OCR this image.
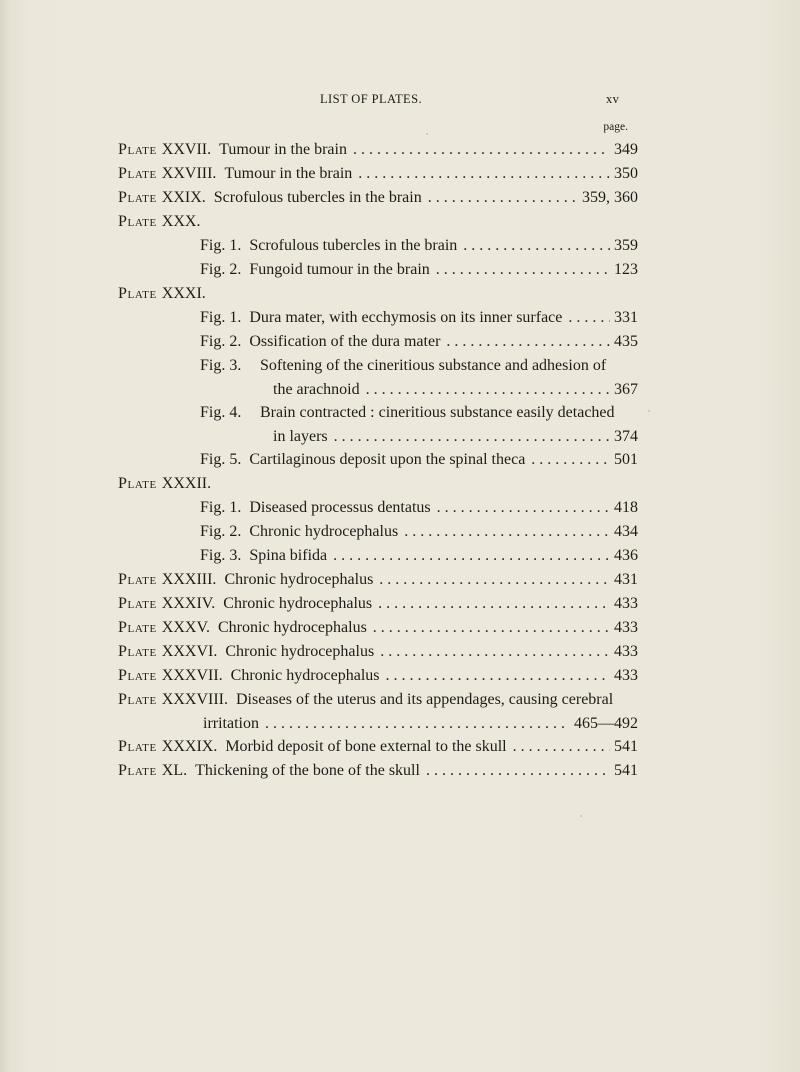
LIST OF PLATES.	xv
page.
Plate XXVII. Tumour in the brain . . .	349
Plate XXVIII. Tumour in the brain . . .	350
Plate XXIX. Scrofulous tubercles in the brain . . .	359, 360
Plate XXX.
Fig. 1. Scrofulous tubercles in the brain . . .	359
Fig. 2. Fungoid tumour in the brain . . .	123
Plate XXXI.
Fig. 1. Dura mater, with ecchymosis on its inner surface . . .	331
Fig. 2. Ossification of the dura mater . . .	435
Fig. 3.	Softening of the cineritious substance and adhesion of
the arachnoid . . .	367
Fig. 4.	Brain contracted : cineritious substance easily detached
in layers . . .	374
Fig. 5. Cartilaginous deposit upon the spinal theca . . .	501
Plate XXXII.
Fig. 1. Diseased processus dentatus . . .	418
Fig. 2. Chronic hydrocephalus . . .	434
Fig. 3. Spina bifida . . .	436
Plate XXXIII. Chronic hydrocephalus . . .	431
Plate XXXIV. Chronic hydrocephalus . . .	433
Plate XXXV. Chronic hydrocephalus . . .	433
Plate XXXVI. Chronic hydrocephalus . . .	433
Plate XXXVII. Chronic hydrocephalus . . .	433
Plate XXXVIII. Diseases of the uterus and its appendages, causing cerebral
irritation . . .	465—492
Plate XXXIX. Morbid deposit of bone external to the skull . . .	541
Plate XL. Thickening of the bone of the skull . . .	541
